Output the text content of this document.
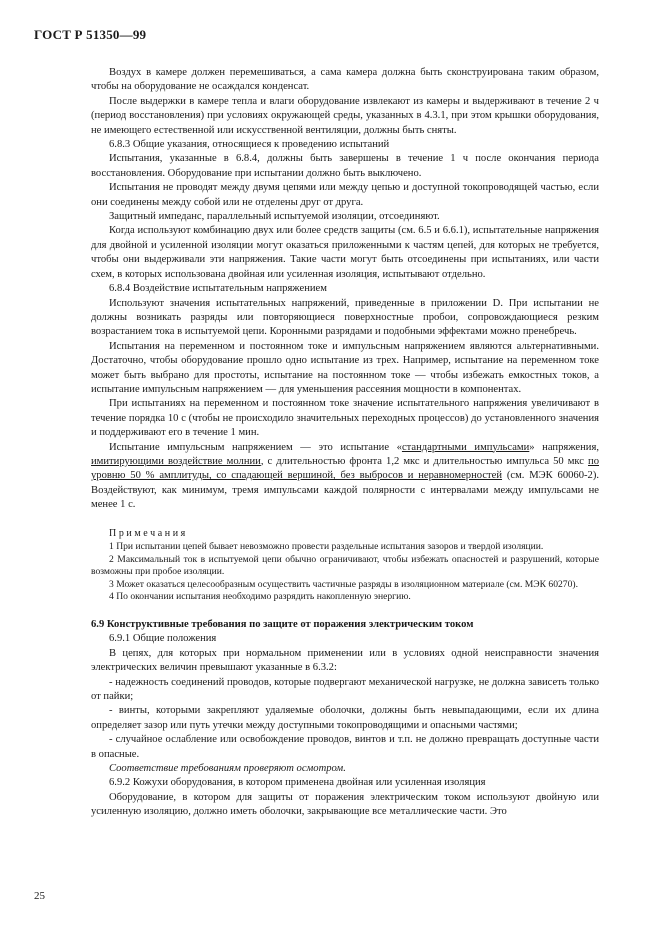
ГОСТ Р 51350—99

Воздух в камере должен перемешиваться, а сама камера должна быть сконструирована таким образом, чтобы на оборудование не осаждался конденсат.

После выдержки в камере тепла и влаги оборудование извлекают из камеры и выдерживают в течение 2 ч (период восстановления) при условиях окружающей среды, указанных в 4.3.1, при этом крышки оборудования, не имеющего естественной или искусственной вентиляции, должны быть сняты.

6.8.3 Общие указания, относящиеся к проведению испытаний

Испытания, указанные в 6.8.4, должны быть завершены в течение 1 ч после окончания периода восстановления. Оборудование при испытании должно быть выключено.

Испытания не проводят между двумя цепями или между цепью и доступной токопроводящей частью, если они соединены между собой или не отделены друг от друга.

Защитный импеданс, параллельный испытуемой изоляции, отсоединяют.

Когда используют комбинацию двух или более средств защиты (см. 6.5 и 6.6.1), испытательные напряжения для двойной и усиленной изоляции могут оказаться приложенными к частям цепей, для которых не требуется, чтобы они выдерживали эти напряжения. Такие части могут быть отсоединены при испытаниях, или части схем, в которых использована двойная или усиленная изоляция, испытывают отдельно.

6.8.4 Воздействие испытательным напряжением

Используют значения испытательных напряжений, приведенные в приложении D. При испытании не должны возникать разряды или повторяющиеся поверхностные пробои, сопровождающиеся резким возрастанием тока в испытуемой цепи. Коронными разрядами и подобными эффектами можно пренебречь.

Испытания на переменном и постоянном токе и импульсным напряжением являются альтернативными. Достаточно, чтобы оборудование прошло одно испытание из трех. Например, испытание на переменном токе может быть выбрано для простоты, испытание на постоянном токе — чтобы избежать емкостных токов, а испытание импульсным напряжением — для уменьшения рассеяния мощности в компонентах.

При испытаниях на переменном и постоянном токе значение испытательного напряжения увеличивают в течение порядка 10 с (чтобы не происходило значительных переходных процессов) до установленного значения и поддерживают его в течение 1 мин.

Испытание импульсным напряжением — это испытание «стандартными импульсами» напряжения, имитирующими воздействие молнии, с длительностью фронта 1,2 мкс и длительностью импульса 50 мкс по уровню 50 % амплитуды, со спадающей вершиной, без выбросов и неравномерностей (см. МЭК 60060-2). Воздействуют, как минимум, тремя импульсами каждой полярности с интервалами между импульсами не менее 1 с.

Примечания

1 При испытании цепей бывает невозможно провести раздельные испытания зазоров и твердой изоляции.

2 Максимальный ток в испытуемой цепи обычно ограничивают, чтобы избежать опасностей и разрушений, которые возможны при пробое изоляции.

3 Может оказаться целесообразным осуществить частичные разряды в изоляционном материале (см. МЭК 60270).

4 По окончании испытания необходимо разрядить накопленную энергию.

6.9 Конструктивные требования по защите от поражения электрическим током

6.9.1 Общие положения

В цепях, для которых при нормальном применении или в условиях одной неисправности значения электрических величин превышают указанные в 6.3.2:

- надежность соединений проводов, которые подвергают механической нагрузке, не должна зависеть только от пайки;

- винты, которыми закрепляют удаляемые оболочки, должны быть невыпадающими, если их длина определяет зазор или путь утечки между доступными токопроводящими и опасными частями;

- случайное ослабление или освобождение проводов, винтов и т.п. не должно превращать доступные части в опасные.

Соответствие требованиям проверяют осмотром.

6.9.2 Кожухи оборудования, в котором применена двойная или усиленная изоляция

Оборудование, в котором для защиты от поражения электрическим током используют двойную или усиленную изоляцию, должно иметь оболочки, закрывающие все металлические части. Это

25
